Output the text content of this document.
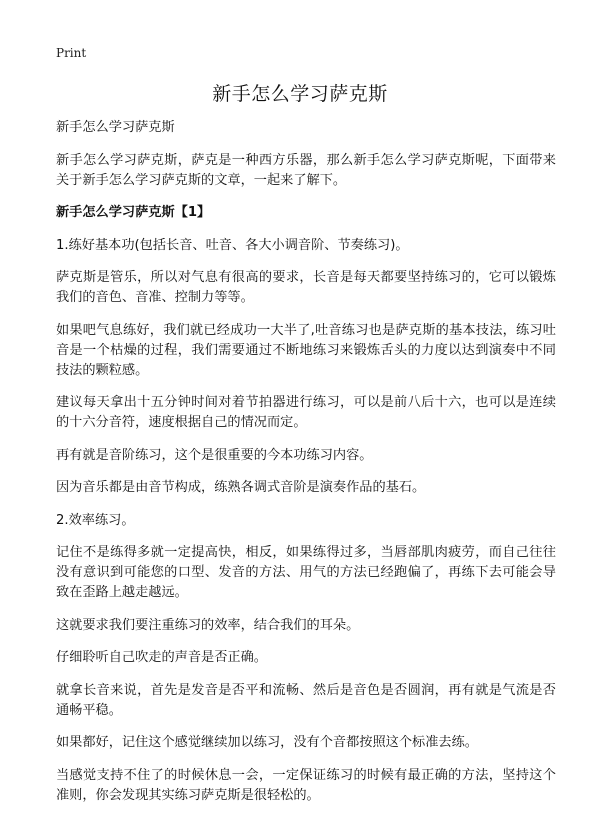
Print
新手怎么学习萨克斯

新手怎么学习萨克斯

新手怎么学习萨克斯，萨克是一种西方乐器，那么新手怎么学习萨克斯呢，下面带来关于新手怎么学习萨克斯的文章，一起来了解下。

新手怎么学习萨克斯【1】

1.练好基本功(包括长音、吐音、各大小调音阶、节奏练习)。

萨克斯是管乐，所以对气息有很高的要求，长音是每天都要坚持练习的，它可以锻炼我们的音色、音准、控制力等等。

如果吧气息练好，我们就已经成功一大半了,吐音练习也是萨克斯的基本技法，练习吐音是一个枯燥的过程，我们需要通过不断地练习来锻炼舌头的力度以达到演奏中不同技法的颗粒感。

建议每天拿出十五分钟时间对着节拍器进行练习，可以是前八后十六，也可以是连续的十六分音符，速度根据自己的情况而定。

再有就是音阶练习，这个是很重要的今本功练习内容。

因为音乐都是由音节构成，练熟各调式音阶是演奏作品的基石。

2.效率练习。

记住不是练得多就一定提高快，相反，如果练得过多，当唇部肌肉疲劳，而自己往往没有意识到可能您的口型、发音的方法、用气的方法已经跑偏了，再练下去可能会导致在歪路上越走越远。

这就要求我们要注重练习的效率，结合我们的耳朵。

仔细聆听自己吹走的声音是否正确。

就拿长音来说，首先是发音是否平和流畅、然后是音色是否圆润，再有就是气流是否通畅平稳。

如果都好，记住这个感觉继续加以练习，没有个音都按照这个标准去练。

当感觉支持不住了的时候休息一会，一定保证练习的时候有最正确的方法，坚持这个准则，你会发现其实练习萨克斯是很轻松的。
